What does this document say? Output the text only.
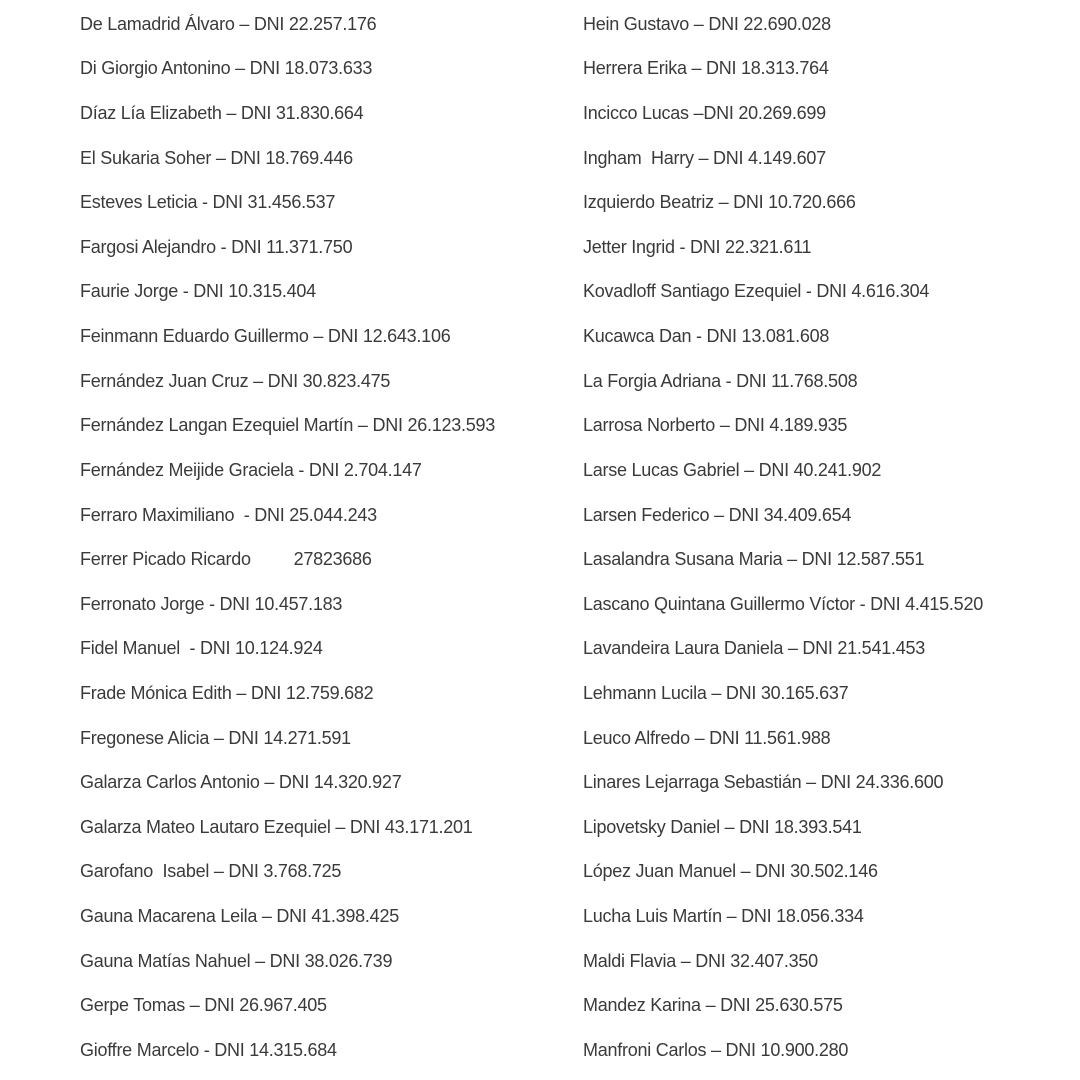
De Lamadrid Álvaro – DNI 22.257.176
Di Giorgio Antonino – DNI 18.073.633
Díaz Lía Elizabeth – DNI 31.830.664
El Sukaria Soher – DNI 18.769.446
Esteves Leticia - DNI 31.456.537
Fargosi Alejandro - DNI 11.371.750
Faurie Jorge - DNI 10.315.404
Feinmann Eduardo Guillermo – DNI 12.643.106
Fernández Juan Cruz – DNI 30.823.475
Fernández Langan Ezequiel Martín – DNI 26.123.593
Fernández Meijide Graciela - DNI 2.704.147
Ferraro Maximiliano  - DNI 25.044.243
Ferrer Picado Ricardo         27823686
Ferronato Jorge - DNI 10.457.183
Fidel Manuel  - DNI 10.124.924
Frade Mónica Edith – DNI 12.759.682
Fregonese Alicia – DNI 14.271.591
Galarza Carlos Antonio – DNI 14.320.927
Galarza Mateo Lautaro Ezequiel – DNI 43.171.201
Garofano  Isabel – DNI 3.768.725
Gauna Macarena Leila – DNI 41.398.425
Gauna Matías Nahuel – DNI 38.026.739
Gerpe Tomas – DNI 26.967.405
Gioffre Marcelo - DNI 14.315.684
Hein Gustavo – DNI 22.690.028
Herrera Erika – DNI 18.313.764
Incicco Lucas –DNI 20.269.699
Ingham  Harry – DNI 4.149.607
Izquierdo Beatriz – DNI 10.720.666
Jetter Ingrid - DNI 22.321.611
Kovadloff Santiago Ezequiel - DNI 4.616.304
Kucawca Dan - DNI 13.081.608
La Forgia Adriana - DNI 11.768.508
Larrosa Norberto – DNI 4.189.935
Larse Lucas Gabriel – DNI 40.241.902
Larsen Federico – DNI 34.409.654
Lasalandra Susana Maria – DNI 12.587.551
Lascano Quintana Guillermo Víctor - DNI 4.415.520
Lavandeira Laura Daniela – DNI 21.541.453
Lehmann Lucila – DNI 30.165.637
Leuco Alfredo – DNI 11.561.988
Linares Lejarraga Sebastián – DNI 24.336.600
Lipovetsky Daniel – DNI 18.393.541
López Juan Manuel – DNI 30.502.146
Lucha Luis Martín – DNI 18.056.334
Maldi Flavia – DNI 32.407.350
Mandez Karina – DNI 25.630.575
Manfroni Carlos – DNI 10.900.280
